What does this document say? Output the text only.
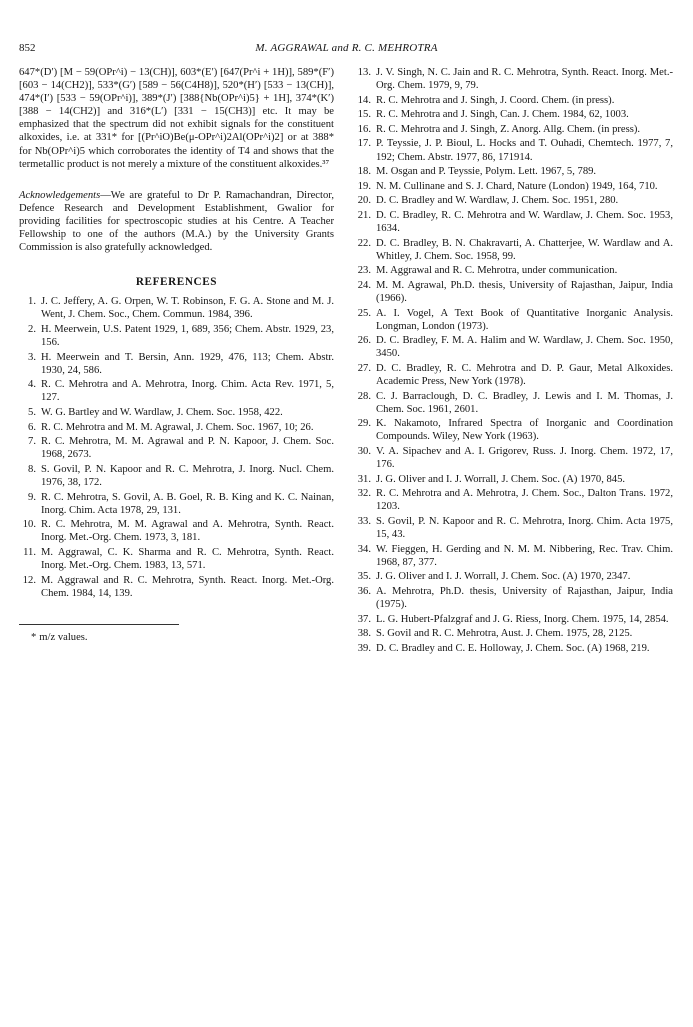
852	M. AGGRAWAL and R. C. MEHROTRA

647*(D′) [M − 59(OPr^i) − 13(CH)], 603*(E′) [647(Pr^i + 1H)], 589*(F′) [603 − 14(CH2)], 533*(G′) [589 − 56(C4H8)], 520*(H′) [533 − 13(CH)], 474*(I′) [533 − 59(OPr^i)], 389*(J′) [388{Nb(OPr^i)5} + 1H], 374*(K′) [388 − 14(CH2)] and 316*(L′) [331 − 15(CH3)] etc. It may be emphasized that the spectrum did not exhibit signals for the constituent alkoxides, i.e. at 331* for [(Pr^iO)Be(μ-OPr^i)2Al(OPr^i)2] or at 388* for Nb(OPr^i)5 which corroborates the identity of T4 and shows that the termetallic product is not merely a mixture of the constituent alkoxides.³⁷

Acknowledgements—We are grateful to Dr P. Ramachandran, Director, Defence Research and Development Establishment, Gwalior for providing facilities for spectroscopic studies at his Centre. A Teacher Fellowship to one of the authors (M.A.) by the University Grants Commission is also gratefully acknowledged.

REFERENCES
1. J. C. Jeffery, A. G. Orpen, W. T. Robinson, F. G. A. Stone and M. J. Went, J. Chem. Soc., Chem. Commun. 1984, 396.
2. H. Meerwein, U.S. Patent 1929, 1, 689, 356; Chem. Abstr. 1929, 23, 156.
3. H. Meerwein and T. Bersin, Ann. 1929, 476, 113; Chem. Abstr. 1930, 24, 586.
4. R. C. Mehrotra and A. Mehrotra, Inorg. Chim. Acta Rev. 1971, 5, 127.
5. W. G. Bartley and W. Wardlaw, J. Chem. Soc. 1958, 422.
6. R. C. Mehrotra and M. M. Agrawal, J. Chem. Soc. 1967, 10; 26.
7. R. C. Mehrotra, M. M. Agrawal and P. N. Kapoor, J. Chem. Soc. 1968, 2673.
8. S. Govil, P. N. Kapoor and R. C. Mehrotra, J. Inorg. Nucl. Chem. 1976, 38, 172.
9. R. C. Mehrotra, S. Govil, A. B. Goel, R. B. King and K. C. Nainan, Inorg. Chim. Acta 1978, 29, 131.
10. R. C. Mehrotra, M. M. Agrawal and A. Mehrotra, Synth. React. Inorg. Met.-Org. Chem. 1973, 3, 181.
11. M. Aggrawal, C. K. Sharma and R. C. Mehrotra, Synth. React. Inorg. Met.-Org. Chem. 1983, 13, 571.
12. M. Aggrawal and R. C. Mehrotra, Synth. React. Inorg. Met.-Org. Chem. 1984, 14, 139.
* m/z values.
13. J. V. Singh, N. C. Jain and R. C. Mehrotra, Synth. React. Inorg. Met.-Org. Chem. 1979, 9, 79.
14. R. C. Mehrotra and J. Singh, J. Coord. Chem. (in press).
15. R. C. Mehrotra and J. Singh, Can. J. Chem. 1984, 62, 1003.
16. R. C. Mehrotra and J. Singh, Z. Anorg. Allg. Chem. (in press).
17. P. Teyssie, J. P. Bioul, L. Hocks and T. Ouhadi, Chemtech. 1977, 7, 192; Chem. Abstr. 1977, 86, 171914.
18. M. Osgan and P. Teyssie, Polym. Lett. 1967, 5, 789.
19. N. M. Cullinane and S. J. Chard, Nature (London) 1949, 164, 710.
20. D. C. Bradley and W. Wardlaw, J. Chem. Soc. 1951, 280.
21. D. C. Bradley, R. C. Mehrotra and W. Wardlaw, J. Chem. Soc. 1953, 1634.
22. D. C. Bradley, B. N. Chakravarti, A. Chatterjee, W. Wardlaw and A. Whitley, J. Chem. Soc. 1958, 99.
23. M. Aggrawal and R. C. Mehrotra, under communication.
24. M. M. Agrawal, Ph.D. thesis, University of Rajasthan, Jaipur, India (1966).
25. A. I. Vogel, A Text Book of Quantitative Inorganic Analysis. Longman, London (1973).
26. D. C. Bradley, F. M. A. Halim and W. Wardlaw, J. Chem. Soc. 1950, 3450.
27. D. C. Bradley, R. C. Mehrotra and D. P. Gaur, Metal Alkoxides. Academic Press, New York (1978).
28. C. J. Barraclough, D. C. Bradley, J. Lewis and I. M. Thomas, J. Chem. Soc. 1961, 2601.
29. K. Nakamoto, Infrared Spectra of Inorganic and Coordination Compounds. Wiley, New York (1963).
30. V. A. Sipachev and A. I. Grigorev, Russ. J. Inorg. Chem. 1972, 17, 176.
31. J. G. Oliver and I. J. Worrall, J. Chem. Soc. (A) 1970, 845.
32. R. C. Mehrotra and A. Mehrotra, J. Chem. Soc., Dalton Trans. 1972, 1203.
33. S. Govil, P. N. Kapoor and R. C. Mehrotra, Inorg. Chim. Acta 1975, 15, 43.
34. W. Fieggen, H. Gerding and N. M. M. Nibbering, Rec. Trav. Chim. 1968, 87, 377.
35. J. G. Oliver and I. J. Worrall, J. Chem. Soc. (A) 1970, 2347.
36. A. Mehrotra, Ph.D. thesis, University of Rajasthan, Jaipur, India (1975).
37. L. G. Hubert-Pfalzgraf and J. G. Riess, Inorg. Chem. 1975, 14, 2854.
38. S. Govil and R. C. Mehrotra, Aust. J. Chem. 1975, 28, 2125.
39. D. C. Bradley and C. E. Holloway, J. Chem. Soc. (A) 1968, 219.
